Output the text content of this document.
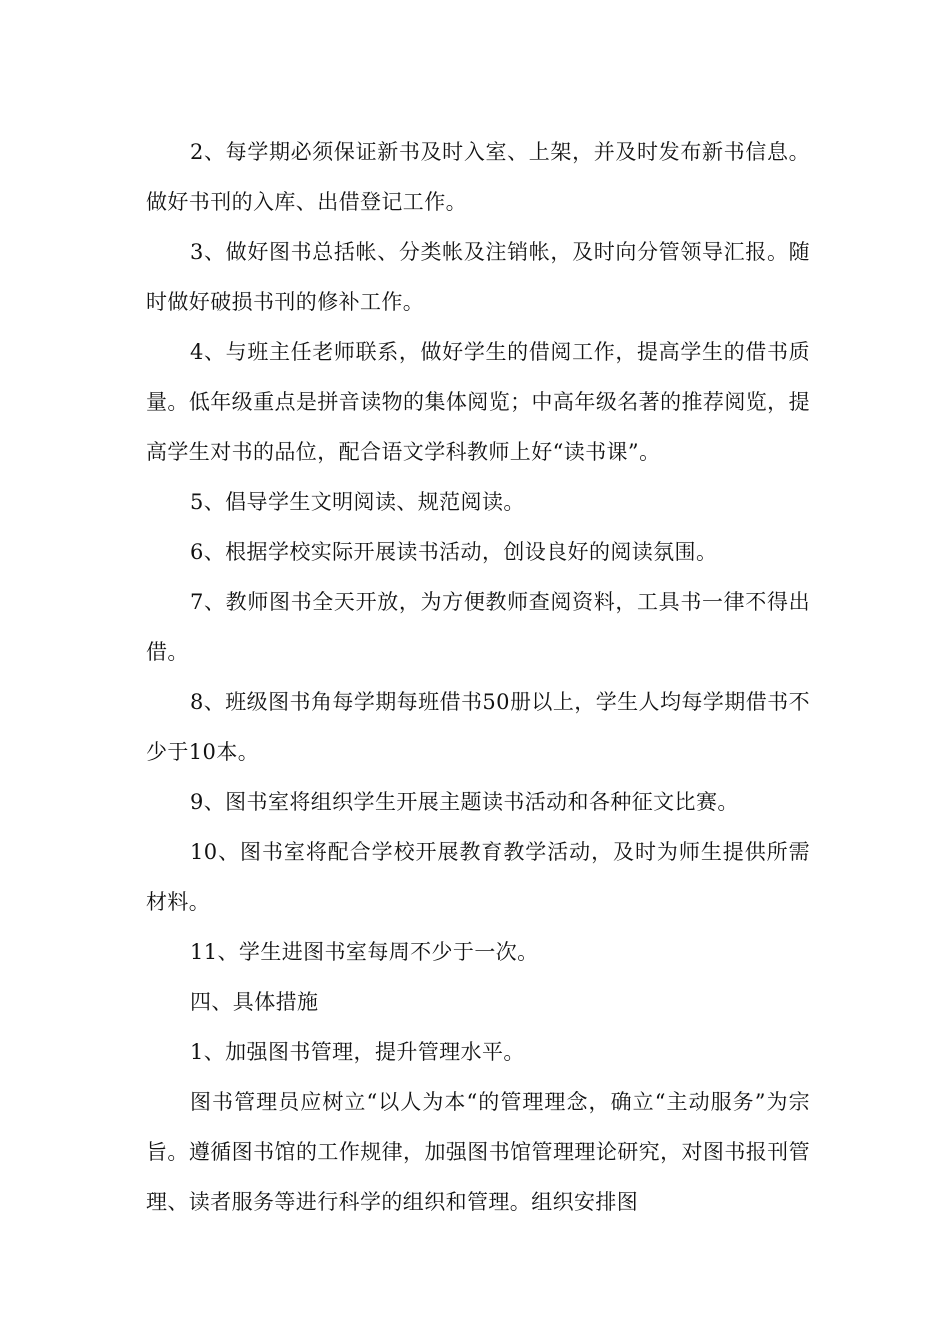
2、每学期必须保证新书及时入室、上架，并及时发布新书信息。做好书刊的入库、出借登记工作。

3、做好图书总括帐、分类帐及注销帐，及时向分管领导汇报。随时做好破损书刊的修补工作。

4、与班主任老师联系，做好学生的借阅工作，提高学生的借书质量。低年级重点是拼音读物的集体阅览；中高年级名著的推荐阅览，提高学生对书的品位，配合语文学科教师上好“读书课”。

5、倡导学生文明阅读、规范阅读。

6、根据学校实际开展读书活动，创设良好的阅读氛围。

7、教师图书全天开放，为方便教师查阅资料，工具书一律不得出借。

8、班级图书角每学期每班借书50册以上，学生人均每学期借书不少于10本。

9、图书室将组织学生开展主题读书活动和各种征文比赛。

10、图书室将配合学校开展教育教学活动，及时为师生提供所需材料。

11、学生进图书室每周不少于一次。

四、具体措施

1、加强图书管理，提升管理水平。

图书管理员应树立“以人为本“的管理理念，确立“主动服务”为宗旨。遵循图书馆的工作规律，加强图书馆管理理论研究，对图书报刊管理、读者服务等进行科学的组织和管理。组织安排图
